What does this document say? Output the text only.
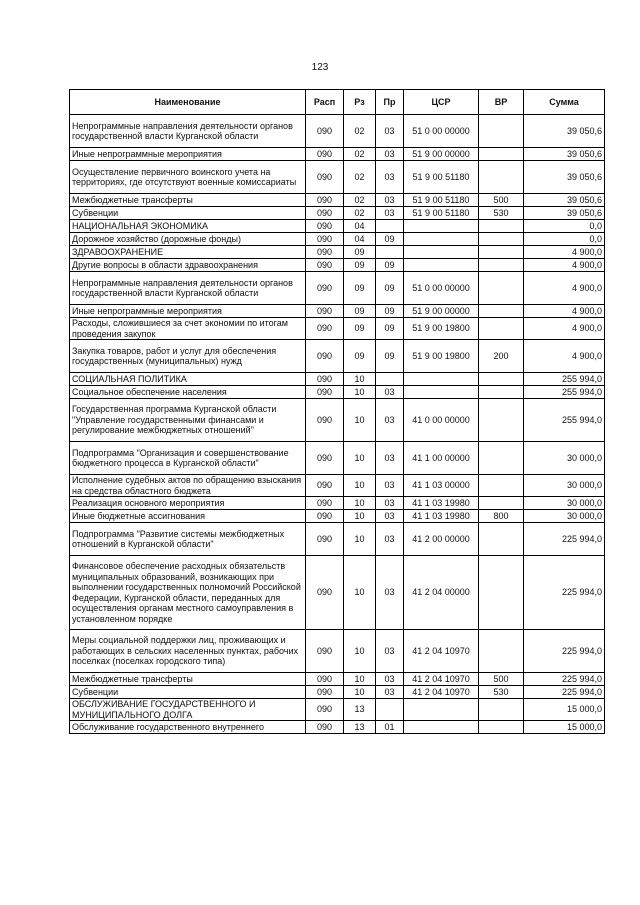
123
Наименование	Расп	Рз	Пр	ЦСР	ВР	Сумма
Непрограммные направления деятельности органов государственной власти Курганской области	090	02	03	51 0 00 00000		39 050,6
Иные непрограммные мероприятия	090	02	03	51 9 00 00000		39 050,6
Осуществление первичного воинского учета на территориях, где отсутствуют военные комиссариаты	090	02	03	51 9 00 51180		39 050,6
Межбюджетные трансферты	090	02	03	51 9 00 51180	500	39 050,6
Субвенции	090	02	03	51 9 00 51180	530	39 050,6
НАЦИОНАЛЬНАЯ ЭКОНОМИКА	090	04				0,0
Дорожное хозяйство (дорожные фонды)	090	04	09			0,0
ЗДРАВООХРАНЕНИЕ	090	09				4 900,0
Другие вопросы в области здравоохранения	090	09	09			4 900,0
Непрограммные направления деятельности органов государственной власти Курганской области	090	09	09	51 0 00 00000		4 900,0
Иные непрограммные мероприятия	090	09	09	51 9 00 00000		4 900,0
Расходы, сложившиеся за счет экономии по итогам проведения закупок	090	09	09	51 9 00 19800		4 900,0
Закупка товаров, работ и услуг для обеспечения государственных (муниципальных) нужд	090	09	09	51 9 00 19800	200	4 900,0
СОЦИАЛЬНАЯ ПОЛИТИКА	090	10				255 994,0
Социальное обеспечение населения	090	10	03			255 994,0
Государственная программа Курганской области "Управление государственными финансами и регулирование межбюджетных отношений"	090	10	03	41 0 00 00000		255 994,0
Подпрограмма "Организация и совершенствование бюджетного процесса в Курганской области"	090	10	03	41 1 00 00000		30 000,0
Исполнение судебных актов по обращению взыскания на средства областного бюджета	090	10	03	41 1 03 00000		30 000,0
Реализация основного мероприятия	090	10	03	41 1 03 19980		30 000,0
Иные бюджетные ассигнования	090	10	03	41 1 03 19980	800	30 000,0
Подпрограмма "Развитие системы межбюджетных отношений в Курганской области"	090	10	03	41 2 00 00000		225 994,0
Финансовое обеспечение расходных обязательств муниципальных образований, возникающих при выполнении государственных полномочий Российской Федерации, Курганской области, переданных для осуществления органам местного самоуправления в установленном порядке	090	10	03	41 2 04 00000		225 994,0
Меры социальной поддержки лиц, проживающих и работающих в сельских населенных пунктах, рабочих поселках (поселках городского типа)	090	10	03	41 2 04 10970		225 994,0
Межбюджетные трансферты	090	10	03	41 2 04 10970	500	225 994,0
Субвенции	090	10	03	41 2 04 10970	530	225 994,0
ОБСЛУЖИВАНИЕ ГОСУДАРСТВЕННОГО И МУНИЦИПАЛЬНОГО ДОЛГА	090	13				15 000,0
Обслуживание государственного внутреннего	090	13	01			15 000,0
